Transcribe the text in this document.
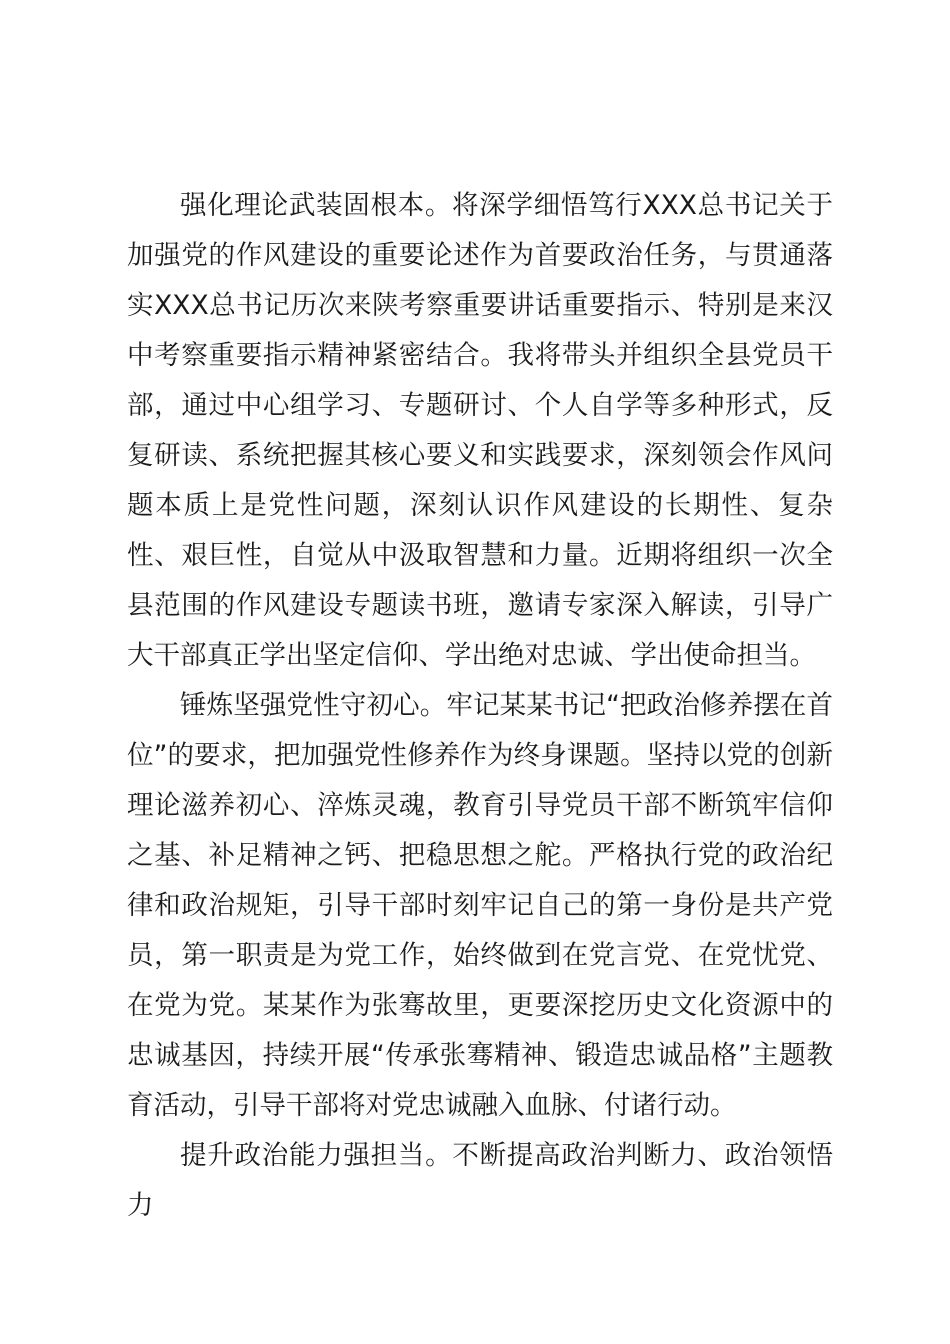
强化理论武装固根本。将深学细悟笃行XXX总书记关于加强党的作风建设的重要论述作为首要政治任务，与贯通落实XXX总书记历次来陕考察重要讲话重要指示、特别是来汉中考察重要指示精神紧密结合。我将带头并组织全县党员干部，通过中心组学习、专题研讨、个人自学等多种形式，反复研读、系统把握其核心要义和实践要求，深刻领会作风问题本质上是党性问题，深刻认识作风建设的长期性、复杂性、艰巨性，自觉从中汲取智慧和力量。近期将组织一次全县范围的作风建设专题读书班，邀请专家深入解读，引导广大干部真正学出坚定信仰、学出绝对忠诚、学出使命担当。

锤炼坚强党性守初心。牢记某某书记“把政治修养摆在首位”的要求，把加强党性修养作为终身课题。坚持以党的创新理论滋养初心、淬炼灵魂，教育引导党员干部不断筑牢信仰之基、补足精神之钙、把稳思想之舵。严格执行党的政治纪律和政治规矩，引导干部时刻牢记自己的第一身份是共产党员，第一职责是为党工作，始终做到在党言党、在党忧党、在党为党。某某作为张骞故里，更要深挖历史文化资源中的忠诚基因，持续开展“传承张骞精神、锻造忠诚品格”主题教育活动，引导干部将对党忠诚融入血脉、付诸行动。

提升政治能力强担当。不断提高政治判断力、政治领悟力
